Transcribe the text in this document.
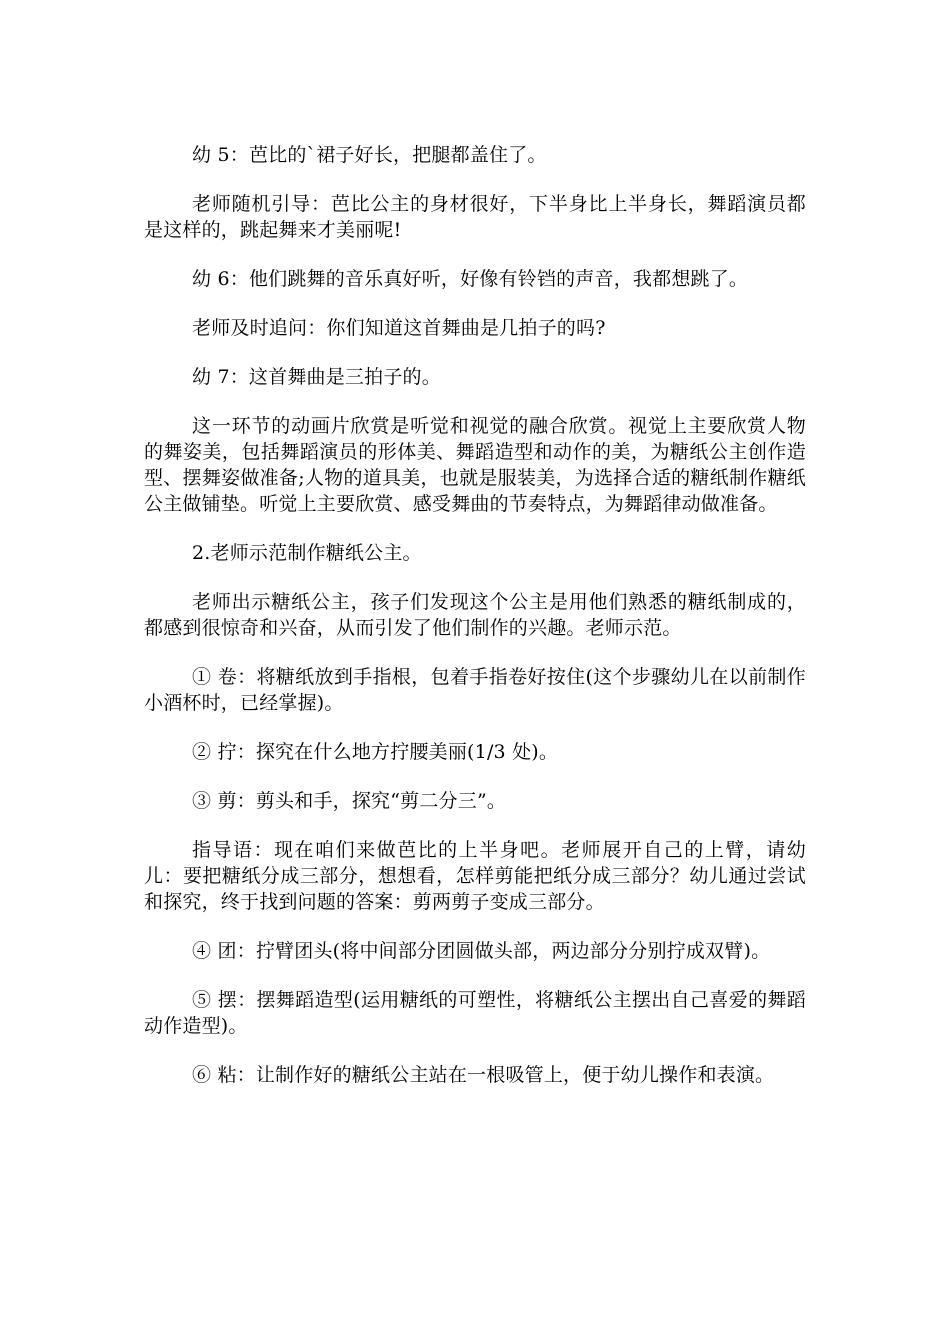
幼 5：芭比的`裙子好长，把腿都盖住了。

老师随机引导：芭比公主的身材很好，下半身比上半身长，舞蹈演员都是这样的，跳起舞来才美丽呢!

幼 6：他们跳舞的音乐真好听，好像有铃铛的声音，我都想跳了。

老师及时追问：你们知道这首舞曲是几拍子的吗?

幼 7：这首舞曲是三拍子的。

这一环节的动画片欣赏是听觉和视觉的融合欣赏。视觉上主要欣赏人物的舞姿美，包括舞蹈演员的形体美、舞蹈造型和动作的美，为糖纸公主创作造型、摆舞姿做准备;人物的道具美，也就是服装美，为选择合适的糖纸制作糖纸公主做铺垫。听觉上主要欣赏、感受舞曲的节奏特点，为舞蹈律动做准备。

2.老师示范制作糖纸公主。

老师出示糖纸公主，孩子们发现这个公主是用他们熟悉的糖纸制成的，都感到很惊奇和兴奋，从而引发了他们制作的兴趣。老师示范。

① 卷：将糖纸放到手指根，包着手指卷好按住(这个步骤幼儿在以前制作小酒杯时，已经掌握)。

② 拧：探究在什么地方拧腰美丽(1/3 处)。

③ 剪：剪头和手，探究“剪二分三”。

指导语：现在咱们来做芭比的上半身吧。老师展开自己的上臂，请幼儿：要把糖纸分成三部分，想想看，怎样剪能把纸分成三部分？幼儿通过尝试和探究，终于找到问题的答案：剪两剪子变成三部分。

④ 团：拧臂团头(将中间部分团圆做头部，两边部分分别拧成双臂)。

⑤ 摆：摆舞蹈造型(运用糖纸的可塑性，将糖纸公主摆出自己喜爱的舞蹈动作造型)。

⑥ 粘：让制作好的糖纸公主站在一根吸管上，便于幼儿操作和表演。
